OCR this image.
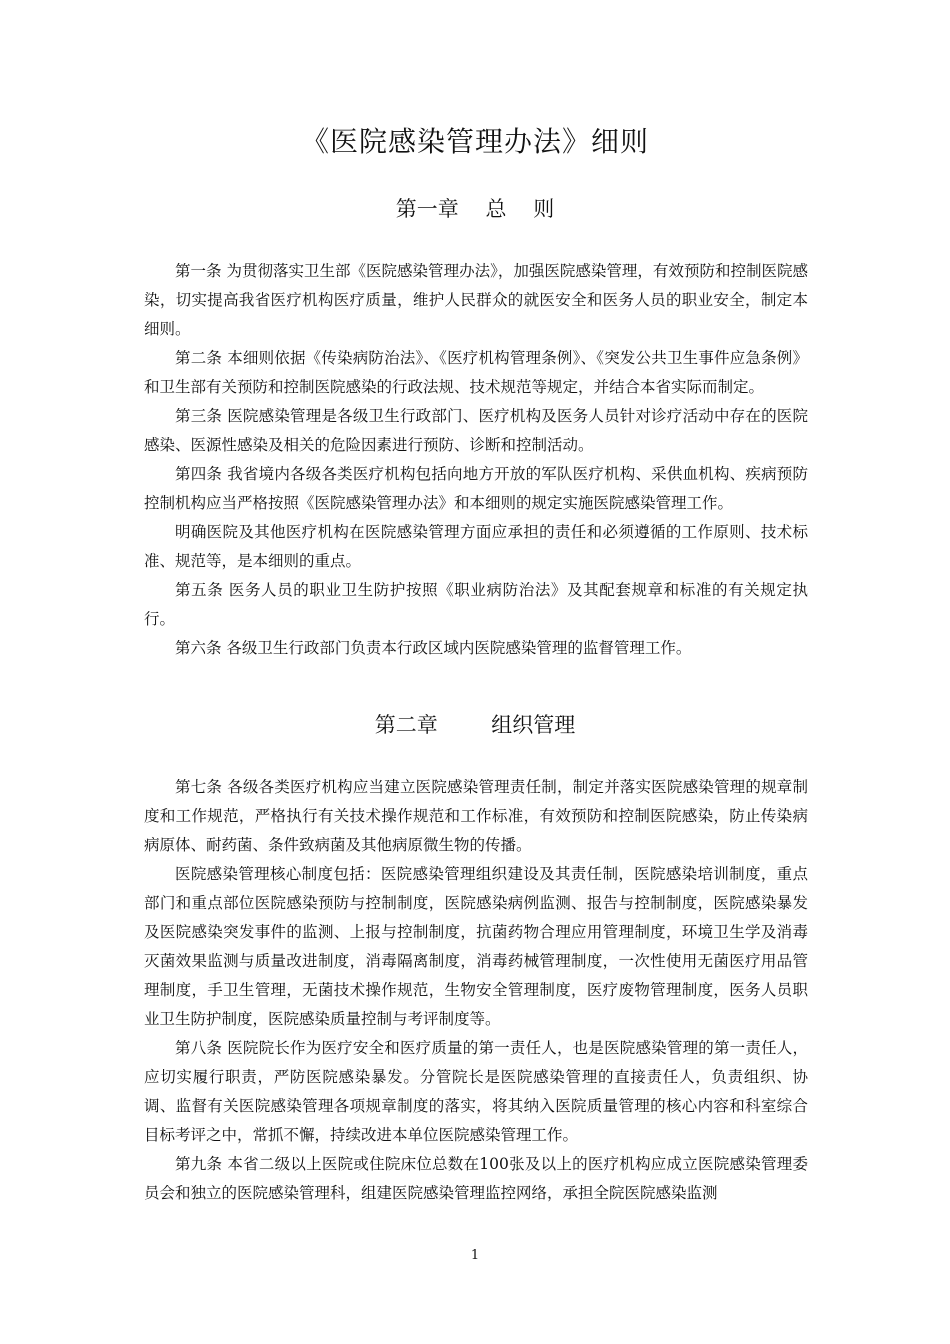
《医院感染管理办法》细则
第一章    总    则

第一条 为贯彻落实卫生部《医院感染管理办法》，加强医院感染管理，有效预防和控制医院感染，切实提高我省医疗机构医疗质量，维护人民群众的就医安全和医务人员的职业安全，制定本细则。

第二条 本细则依据《传染病防治法》、《医疗机构管理条例》、《突发公共卫生事件应急条例》和卫生部有关预防和控制医院感染的行政法规、技术规范等规定，并结合本省实际而制定。

第三条 医院感染管理是各级卫生行政部门、医疗机构及医务人员针对诊疗活动中存在的医院感染、医源性感染及相关的危险因素进行预防、诊断和控制活动。

第四条 我省境内各级各类医疗机构包括向地方开放的军队医疗机构、采供血机构、疾病预防控制机构应当严格按照《医院感染管理办法》和本细则的规定实施医院感染管理工作。

明确医院及其他医疗机构在医院感染管理方面应承担的责任和必须遵循的工作原则、技术标准、规范等，是本细则的重点。

第五条 医务人员的职业卫生防护按照《职业病防治法》及其配套规章和标准的有关规定执行。

第六条 各级卫生行政部门负责本行政区域内医院感染管理的监督管理工作。

第二章        组织管理

第七条 各级各类医疗机构应当建立医院感染管理责任制，制定并落实医院感染管理的规章制度和工作规范，严格执行有关技术操作规范和工作标准，有效预防和控制医院感染，防止传染病病原体、耐药菌、条件致病菌及其他病原微生物的传播。

医院感染管理核心制度包括：医院感染管理组织建设及其责任制，医院感染培训制度，重点部门和重点部位医院感染预防与控制制度，医院感染病例监测、报告与控制制度，医院感染暴发及医院感染突发事件的监测、上报与控制制度，抗菌药物合理应用管理制度，环境卫生学及消毒灭菌效果监测与质量改进制度，消毒隔离制度，消毒药械管理制度，一次性使用无菌医疗用品管理制度，手卫生管理，无菌技术操作规范，生物安全管理制度，医疗废物管理制度，医务人员职业卫生防护制度，医院感染质量控制与考评制度等。

第八条 医院院长作为医疗安全和医疗质量的第一责任人，也是医院感染管理的第一责任人，应切实履行职责，严防医院感染暴发。分管院长是医院感染管理的直接责任人，负责组织、协调、监督有关医院感染管理各项规章制度的落实，将其纳入医院质量管理的核心内容和科室综合目标考评之中，常抓不懈，持续改进本单位医院感染管理工作。

第九条 本省二级以上医院或住院床位总数在100张及以上的医疗机构应成立医院感染管理委员会和独立的医院感染管理科，组建医院感染管理监控网络，承担全院医院感染监测

1
